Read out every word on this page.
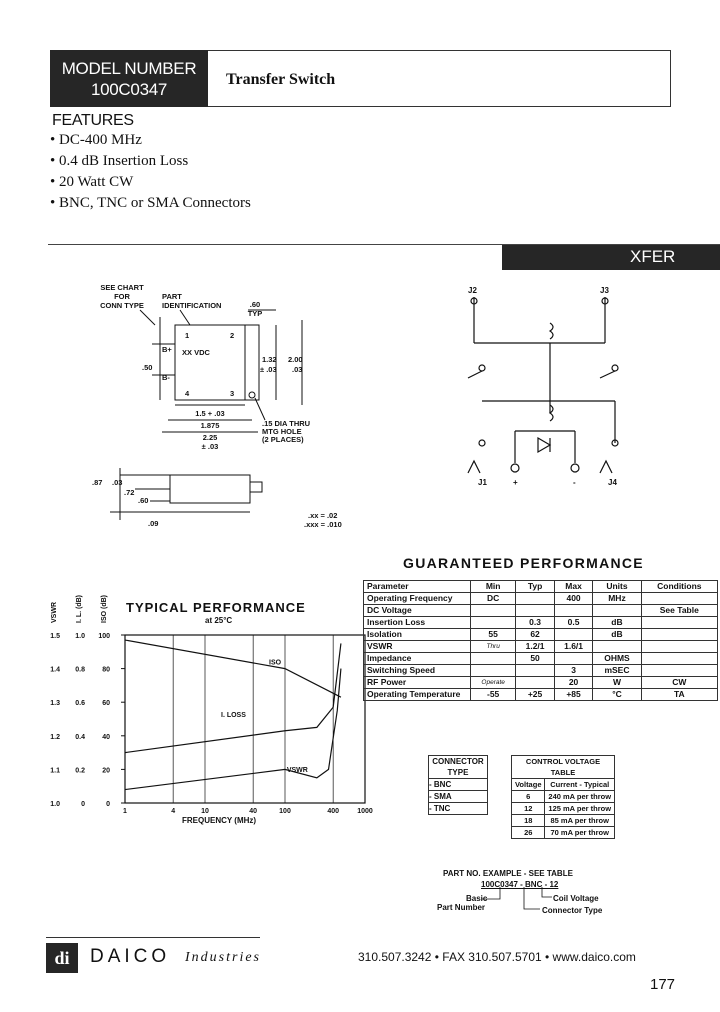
MODEL NUMBER
100C0347
Transfer Switch
FEATURES
• DC-400 MHz
• 0.4 dB Insertion Loss
• 20 Watt CW
• BNC, TNC or SMA Connectors
XFER
SEE CHART
FOR
CONN TYPE
PART
IDENTIFICATION	.60
TYP
XX VDC
1	2
3
4
B+
B-
.50
1.32
± .03
2.00
.03
1.5 + .03
1.875
2.25
± .03
.15 DIA THRU
MTG HOLE
(2 PLACES)
.87 .03
.72
.60
.09
.xx = .02
.xxx = .010
J2	J3
J1	J4
+	-
TYPICAL PERFORMANCE
at 25°C
FREQUENCY (MHz)
1	4	10	40	100	400	1000
1.0	0	0
1.1 0.2 20
1.2 0.4 40
1.3 0.6 60
1.4 0.8 80
1.5 1.0 100
VSWR	I. L. (dB)	ISO (dB)
ISO
I. LOSS
VSWR
GUARANTEED PERFORMANCE
Parameter	Min	Typ	Max	Units	Conditions
Operating Frequency	DC		400	MHz	
DC Voltage					See Table
Insertion Loss		0.3	0.5	dB	
Isolation	55	62		dB	
VSWR	Thru	1.2/1	1.6/1		
Impedance		50		OHMS	
Switching Speed			3	mSEC	
RF Power	Operate		20	W	CW
Operating Temperature	-55	+25	+85	°C	TA
CONNECTOR
TYPE

- BNC
- SMA
- TNC
CONTROL VOLTAGE TABLE	
Voltage	Current - Typical
6	240 mA per throw
12	125 mA per throw
18	85 mA per throw
26	70 mA per throw
PART NO. EXAMPLE - SEE TABLE
100C0347 - BNC - 12
Basic
Part Number
Coil Voltage
Connector Type
di	DAICO Industries	310.507.3242 • FAX 310.507.5701 • www.daico.com
177
